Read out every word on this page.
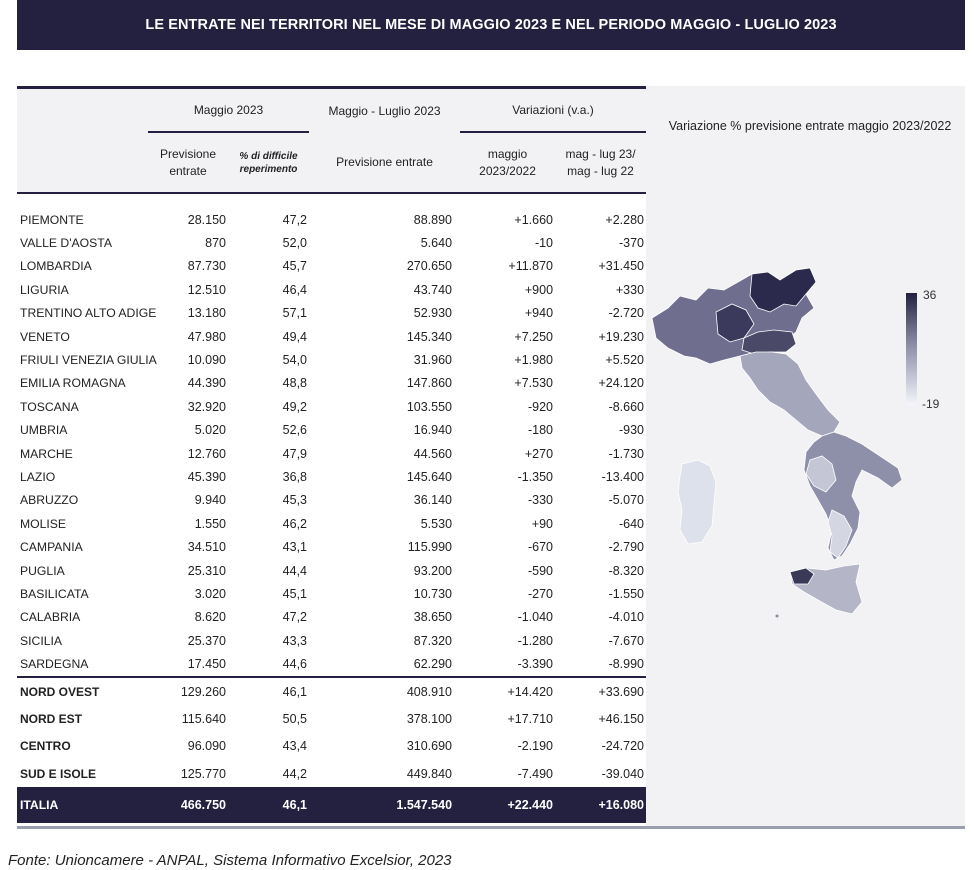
LE ENTRATE NEI TERRITORI NEL MESE DI MAGGIO 2023 E NEL PERIODO MAGGIO - LUGLIO 2023
	Maggio 2023		Maggio - Luglio 2023	Variazioni (v.a.)	
	Previsione entrate	% di difficile reperimento	Previsione entrate	maggio 2023/2022	mag - lug 23/ mag - lug 22

PIEMONTE	28.150	47,2	88.890	+1.660	+2.280
VALLE D'AOSTA	870	52,0	5.640	-10	-370
LOMBARDIA	87.730	45,7	270.650	+11.870	+31.450
LIGURIA	12.510	46,4	43.740	+900	+330
TRENTINO ALTO ADIGE	13.180	57,1	52.930	+940	-2.720
VENETO	47.980	49,4	145.340	+7.250	+19.230
FRIULI VENEZIA GIULIA	10.090	54,0	31.960	+1.980	+5.520
EMILIA ROMAGNA	44.390	48,8	147.860	+7.530	+24.120
TOSCANA	32.920	49,2	103.550	-920	-8.660
UMBRIA	5.020	52,6	16.940	-180	-930
MARCHE	12.760	47,9	44.560	+270	-1.730
LAZIO	45.390	36,8	145.640	-1.350	-13.400
ABRUZZO	9.940	45,3	36.140	-330	-5.070
MOLISE	1.550	46,2	5.530	+90	-640
CAMPANIA	34.510	43,1	115.990	-670	-2.790
PUGLIA	25.310	44,4	93.200	-590	-8.320
BASILICATA	3.020	45,1	10.730	-270	-1.550
CALABRIA	8.620	47,2	38.650	-1.040	-4.010
SICILIA	25.370	43,3	87.320	-1.280	-7.670
SARDEGNA	17.450	44,6	62.290	-3.390	-8.990
NORD OVEST	129.260	46,1	408.910	+14.420	+33.690
NORD EST	115.640	50,5	378.100	+17.710	+46.150
CENTRO	96.090	43,4	310.690	-2.190	-24.720
SUD E ISOLE	125.770	44,2	449.840	-7.490	-39.040
ITALIA	466.750	46,1	1.547.540	+22.440	+16.080
Variazione % previsione entrate maggio 2023/2022
36
-19
Fonte: Unioncamere - ANPAL, Sistema Informativo Excelsior, 2023
